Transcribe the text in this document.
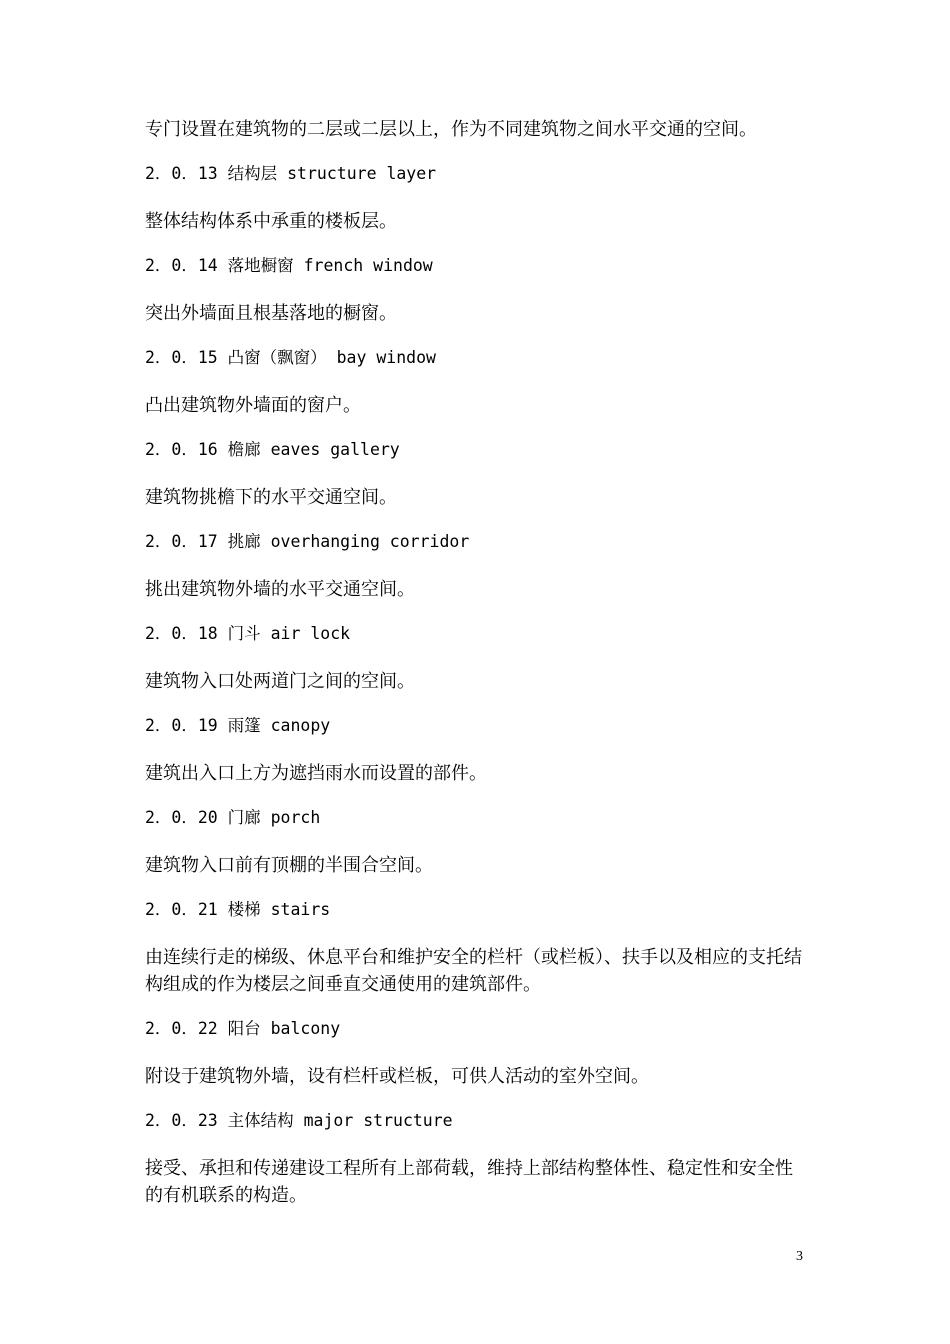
专门设置在建筑物的二层或二层以上，作为不同建筑物之间水平交通的空间。

2．0．13 结构层 structure layer

整体结构体系中承重的楼板层。

2．0．14 落地橱窗 french window

突出外墙面且根基落地的橱窗。

2．0．15 凸窗（飘窗） bay window

凸出建筑物外墙面的窗户。

2．0．16 檐廊 eaves gallery

建筑物挑檐下的水平交通空间。

2．0．17 挑廊 overhanging corridor

挑出建筑物外墙的水平交通空间。

2．0．18 门斗 air lock

建筑物入口处两道门之间的空间。

2．0．19 雨篷 canopy

建筑出入口上方为遮挡雨水而设置的部件。

2．0．20 门廊 porch

建筑物入口前有顶棚的半围合空间。

2．0．21 楼梯 stairs

由连续行走的梯级、休息平台和维护安全的栏杆（或栏板）、扶手以及相应的支托结构组成的作为楼层之间垂直交通使用的建筑部件。

2．0．22 阳台 balcony

附设于建筑物外墙，设有栏杆或栏板，可供人活动的室外空间。

2．0．23 主体结构 major structure

接受、承担和传递建设工程所有上部荷载，维持上部结构整体性、稳定性和安全性的有机联系的构造。

3
